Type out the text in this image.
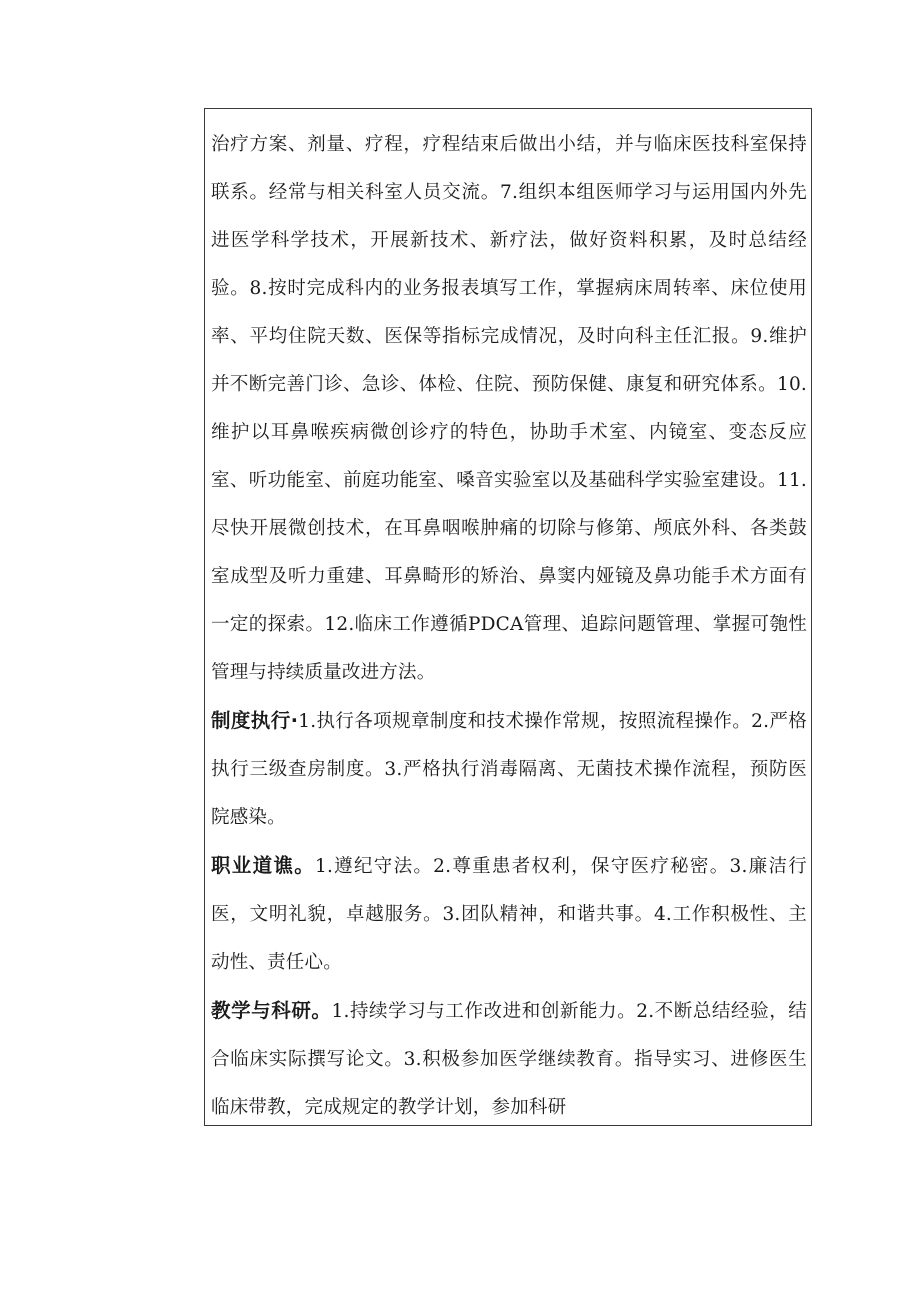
治疗方案、剂量、疗程，疗程结束后做出小结，并与临床医技科室保持联系。经常与相关科室人员交流。7.组织本组医师学习与运用国内外先进医学科学技术，开展新技术、新疗法，做好资料积累，及时总结经验。8.按时完成科内的业务报表填写工作，掌握病床周转率、床位使用率、平均住院天数、医保等指标完成情况，及时向科主任汇报。9.维护并不断完善门诊、急诊、体检、住院、预防保健、康复和研究体系。10.维护以耳鼻喉疾病微创诊疗的特色，协助手术室、内镜室、变态反应室、听功能室、前庭功能室、嗓音实验室以及基础科学实验室建设。11.尽快开展微创技术，在耳鼻咽喉肿痛的切除与修第、颅底外科、各类鼓室成型及听力重建、耳鼻畸形的矫治、鼻窦内娅镜及鼻功能手术方面有一定的探索。12.临床工作遵循PDCA管理、追踪问题管理、掌握可匏性管理与持续质量改进方法。

制度执行·1.执行各项规章制度和技术操作常规，按照流程操作。2.严格执行三级查房制度。3.严格执行消毒隔离、无菌技术操作流程，预防医院感染。

职业道谯。1.遵纪守法。2.尊重患者权利，保守医疗秘密。3.廉洁行医，文明礼貌，卓越服务。3.团队精神，和谐共事。4.工作积极性、主动性、责任心。

教学与科研。1.持续学习与工作改进和创新能力。2.不断总结经验，结合临床实际撰写论文。3.积极参加医学继续教育。指导实习、进修医生临床带教，完成规定的教学计划，参加科研
